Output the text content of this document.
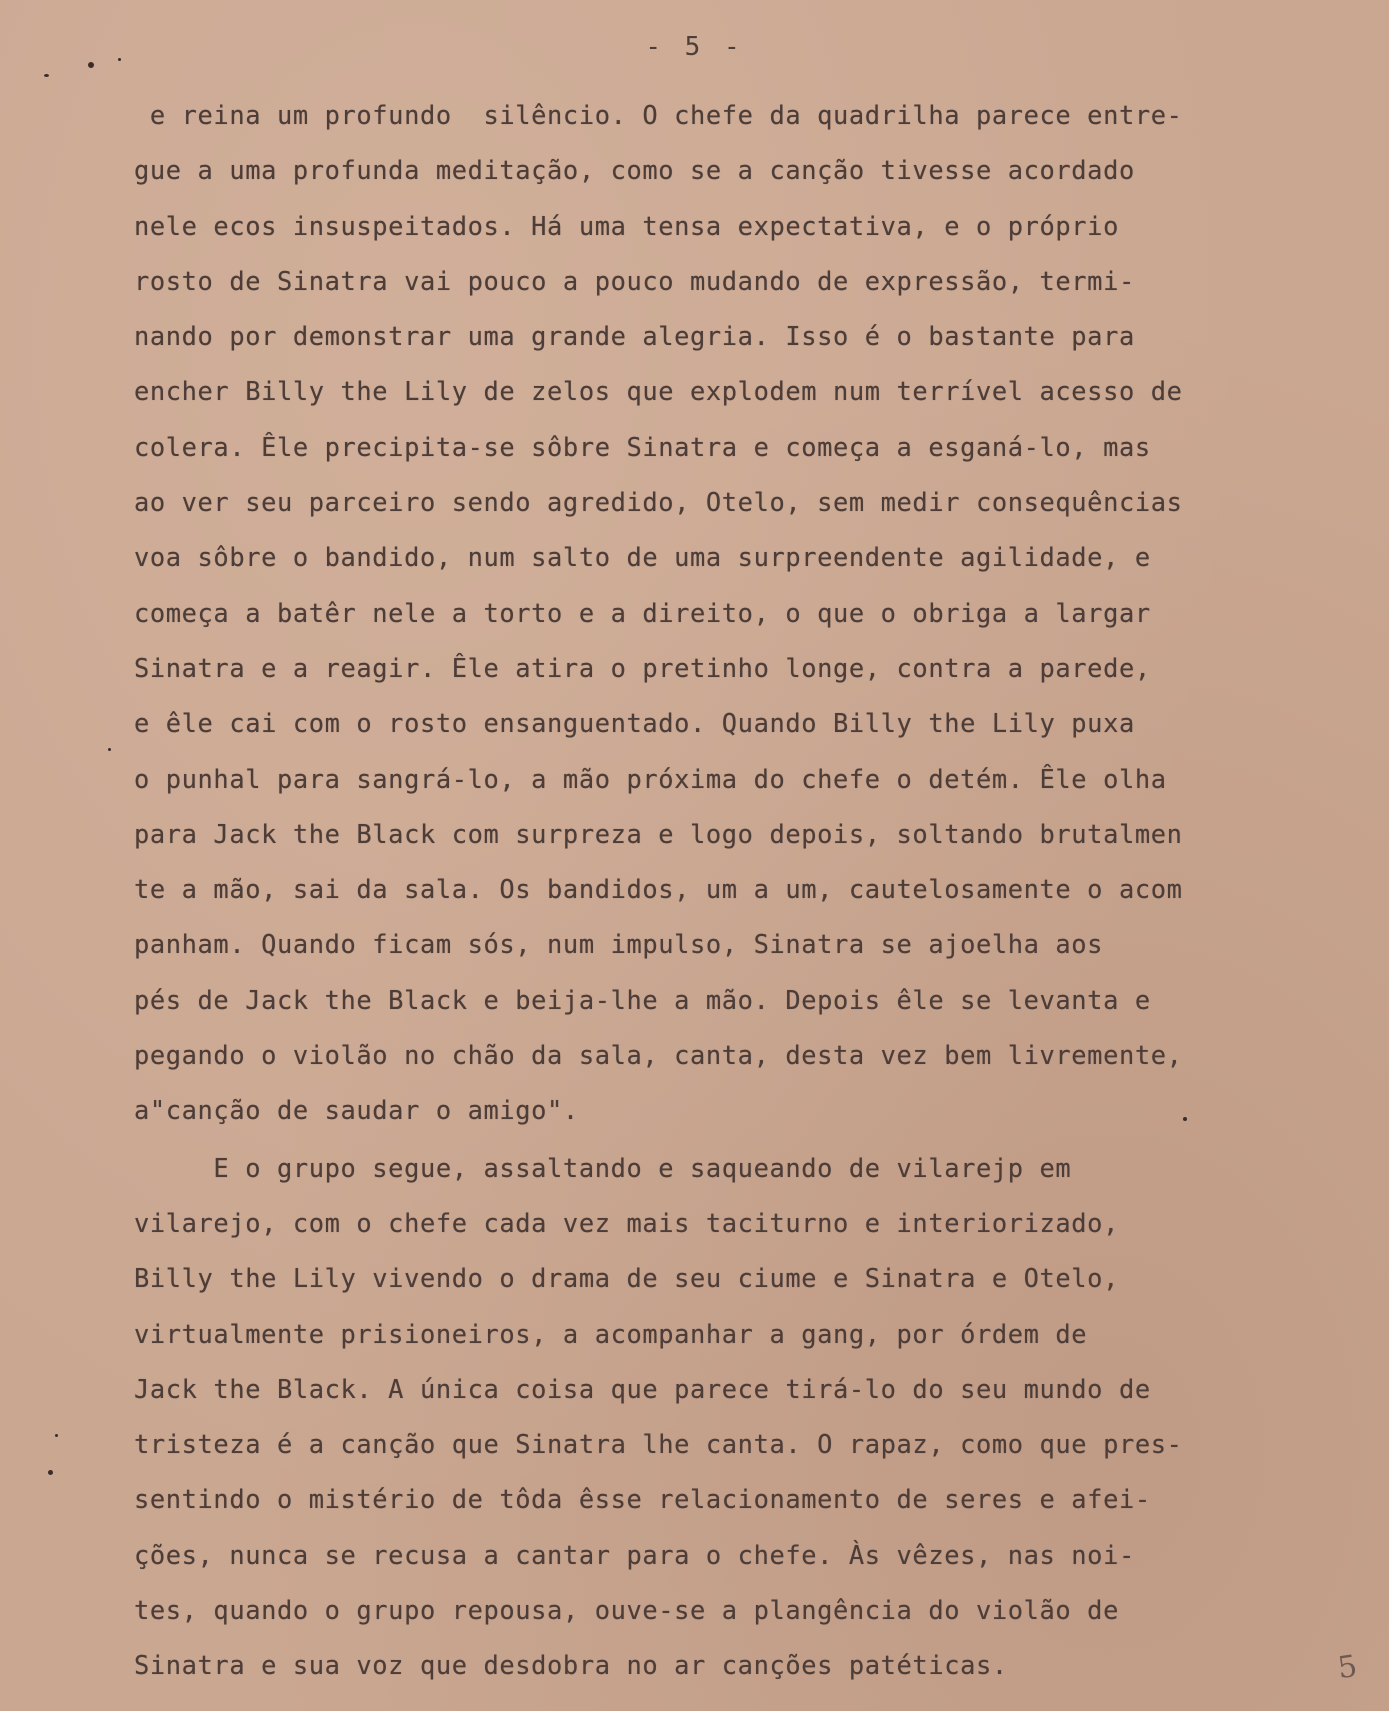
- 5 -
e reina um profundo  silêncio. O chefe da quadrilha parece entre-
gue a uma profunda meditação, como se a canção tivesse acordado
nele ecos insuspeitados. Há uma tensa expectativa, e o próprio
rosto de Sinatra vai pouco a pouco mudando de expressão, termi-
nando por demonstrar uma grande alegria. Isso é o bastante para
encher Billy the Lily de zelos que explodem num terrível acesso de
colera. Êle precipita-se sôbre Sinatra e começa a esganá-lo, mas
ao ver seu parceiro sendo agredido, Otelo, sem medir consequências
voa sôbre o bandido, num salto de uma surpreendente agilidade, e
começa a batêr nele a torto e a direito, o que o obriga a largar
Sinatra e a reagir. Êle atira o pretinho longe, contra a parede,
e êle cai com o rosto ensanguentado. Quando Billy the Lily puxa
o punhal para sangrá-lo, a mão próxima do chefe o detém. Êle olha
para Jack the Black com surpreza e logo depois, soltando brutalmen
te a mão, sai da sala. Os bandidos, um a um, cautelosamente o acom
panham. Quando ficam sós, num impulso, Sinatra se ajoelha aos
pés de Jack the Black e beija-lhe a mão. Depois êle se levanta e
pegando o violão no chão da sala, canta, desta vez bem livremente,
a"canção de saudar o amigo".
E o grupo segue, assaltando e saqueando de vilarejp em
vilarejo, com o chefe cada vez mais taciturno e interiorizado,
Billy the Lily vivendo o drama de seu ciume e Sinatra e Otelo,
virtualmente prisioneiros, a acompanhar a gang, por órdem de
Jack the Black. A única coisa que parece tirá-lo do seu mundo de
tristeza é a canção que Sinatra lhe canta. O rapaz, como que pres-
sentindo o mistério de tôda êsse relacionamento de seres e afei-
ções, nunca se recusa a cantar para o chefe. Às vêzes, nas noi-
tes, quando o grupo repousa, ouve-se a plangência do violão de
Sinatra e sua voz que desdobra no ar canções patéticas.	5
